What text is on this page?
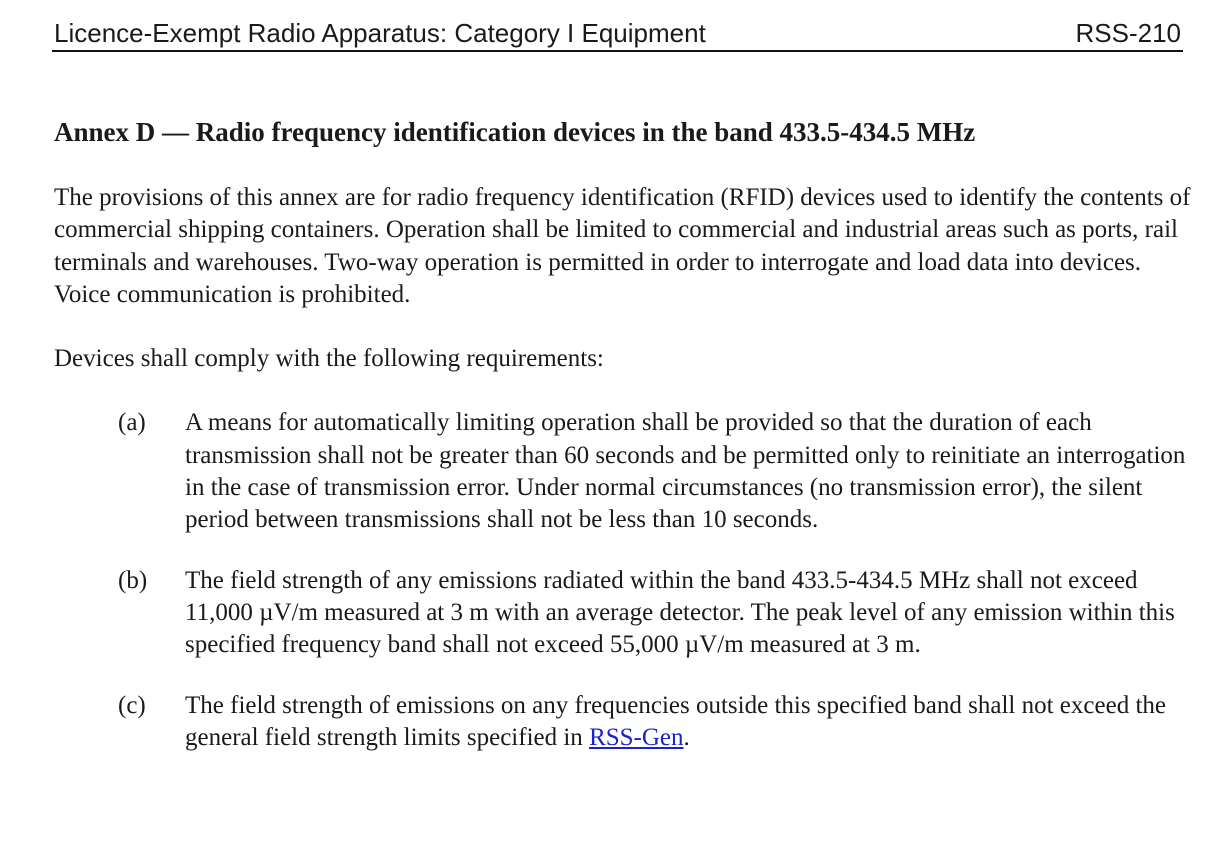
Licence-Exempt Radio Apparatus: Category I Equipment	RSS-210
Annex D — Radio frequency identification devices in the band 433.5-434.5 MHz

The provisions of this annex are for radio frequency identification (RFID) devices used to identify the contents of commercial shipping containers. Operation shall be limited to commercial and industrial areas such as ports, rail terminals and warehouses. Two-way operation is permitted in order to interrogate and load data into devices. Voice communication is prohibited.

Devices shall comply with the following requirements:

(a) A means for automatically limiting operation shall be provided so that the duration of each transmission shall not be greater than 60 seconds and be permitted only to reinitiate an interrogation in the case of transmission error. Under normal circumstances (no transmission error), the silent period between transmissions shall not be less than 10 seconds.
(b) The field strength of any emissions radiated within the band 433.5-434.5 MHz shall not exceed 11,000 µV/m measured at 3 m with an average detector. The peak level of any emission within this specified frequency band shall not exceed 55,000 µV/m measured at 3 m.
(c) The field strength of emissions on any frequencies outside this specified band shall not exceed the general field strength limits specified in RSS-Gen.
